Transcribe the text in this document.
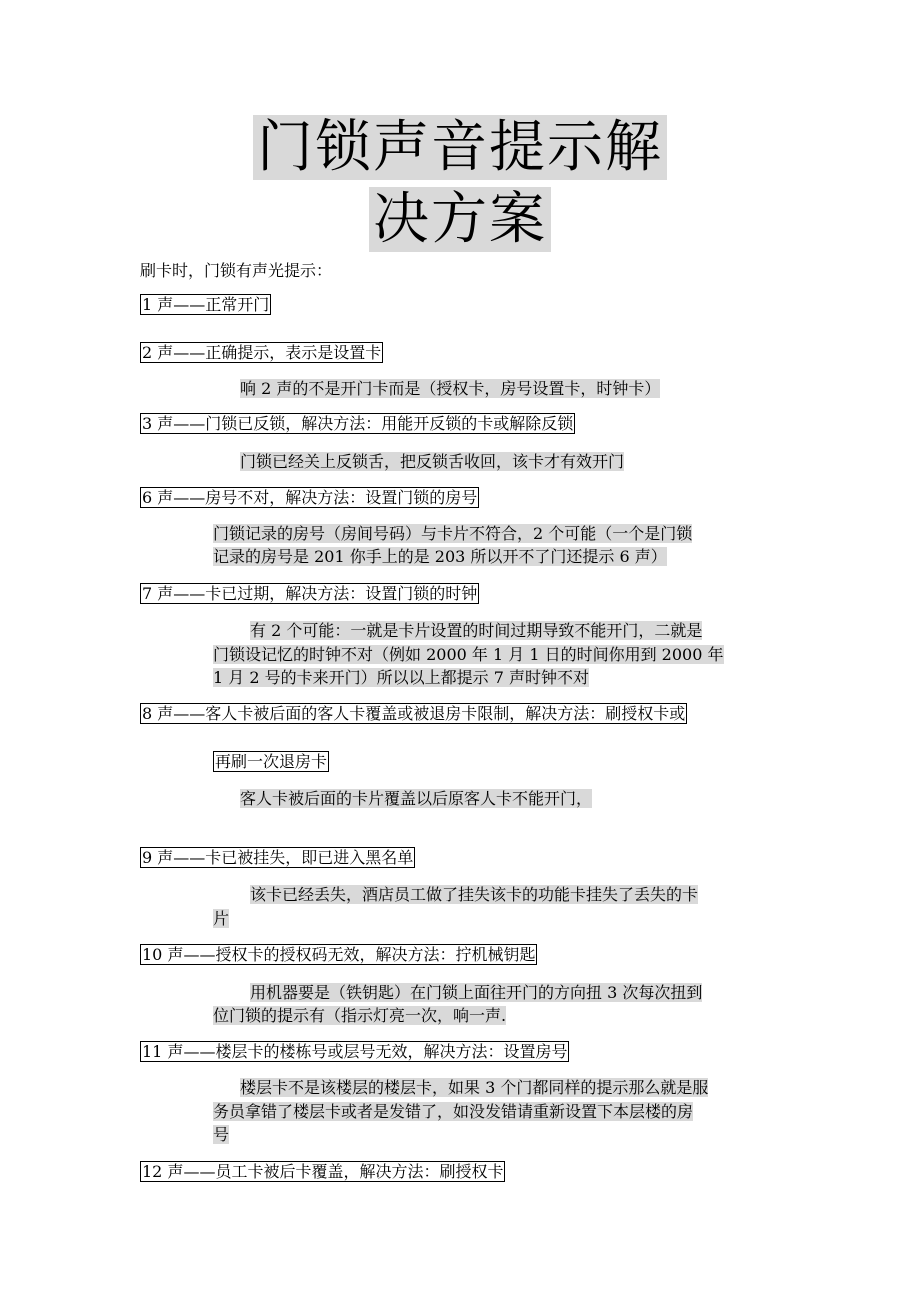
门锁声音提示解
决方案
刷卡时，门锁有声光提示：
1 声——正常开门
2 声——正确提示，表示是设置卡
响 2 声的不是开门卡而是（授权卡，房号设置卡，时钟卡）
3 声——门锁已反锁，解决方法：用能开反锁的卡或解除反锁
门锁已经关上反锁舌，把反锁舌收回，该卡才有效开门
6 声——房号不对，解决方法：设置门锁的房号
门锁记录的房号（房间号码）与卡片不符合，2 个可能（一个是门锁
记录的房号是 201 你手上的是 203 所以开不了门还提示 6 声）
7 声——卡已过期，解决方法：设置门锁的时钟
有 2 个可能：一就是卡片设置的时间过期导致不能开门，二就是
门锁设记忆的时钟不对（例如 2000 年 1 月 1 日的时间你用到 2000 年
1 月 2 号的卡来开门）所以以上都提示 7 声时钟不对
8 声——客人卡被后面的客人卡覆盖或被退房卡限制，解决方法：刷授权卡或
再刷一次退房卡
客人卡被后面的卡片覆盖以后原客人卡不能开门，
9 声——卡已被挂失，即已进入黑名单
该卡已经丢失，酒店员工做了挂失该卡的功能卡挂失了丢失的卡
片
10 声——授权卡的授权码无效，解决方法：拧机械钥匙
用机器要是（铁钥匙）在门锁上面往开门的方向扭 3 次每次扭到
位门锁的提示有（指示灯亮一次，响一声.
11 声——楼层卡的楼栋号或层号无效，解决方法：设置房号
楼层卡不是该楼层的楼层卡，如果 3 个门都同样的提示那么就是服
务员拿错了楼层卡或者是发错了，如没发错请重新设置下本层楼的房
号
12 声——员工卡被后卡覆盖，解决方法：刷授权卡
